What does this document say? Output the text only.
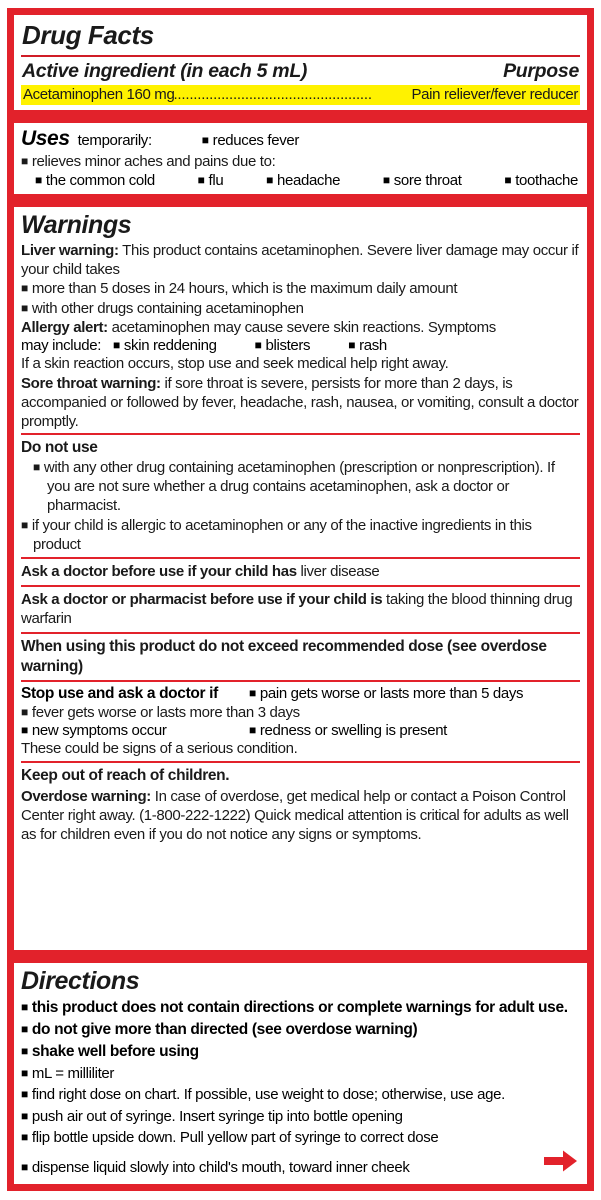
Drug Facts
Active ingredient (in each 5 mL)	Purpose
Acetaminophen 160 mg ..................................................	Pain reliever/fever reducer
Uses temporarily:	■ reduces fever
■ relieves minor aches and pains due to:
■ the common cold	■ flu	■ headache	■ sore throat	■ toothache
Warnings
Liver warning: This product contains acetaminophen. Severe liver damage may occur if your child takes
■ more than 5 doses in 24 hours, which is the maximum daily amount
■ with other drugs containing acetaminophen
Allergy alert: acetaminophen may cause severe skin reactions. Symptoms
may include:	■ skin reddening	■ blisters	■ rash
If a skin reaction occurs, stop use and seek medical help right away.
Sore throat warning: if sore throat is severe, persists for more than 2 days, is accompanied or followed by fever, headache, rash, nausea, or vomiting, consult a doctor promptly.
Do not use
■ with any other drug containing acetaminophen (prescription or nonprescription). If you are not sure whether a drug contains acetaminophen, ask a doctor or pharmacist.
■ if your child is allergic to acetaminophen or any of the inactive ingredients in this product
Ask a doctor before use if your child has liver disease
Ask a doctor or pharmacist before use if your child is taking the blood thinning drug warfarin
When using this product do not exceed recommended dose (see overdose warning)
Stop use and ask a doctor if	■ pain gets worse or lasts more than 5 days
■ fever gets worse or lasts more than 3 days
■ new symptoms occur	■ redness or swelling is present
These could be signs of a serious condition.
Keep out of reach of children.
Overdose warning: In case of overdose, get medical help or contact a Poison Control Center right away. (1-800-222-1222) Quick medical attention is critical for adults as well as for children even if you do not notice any signs or symptoms.
Directions
■ this product does not contain directions or complete warnings for adult use.
■ do not give more than directed (see overdose warning)
■ shake well before using
■ mL = milliliter
■ find right dose on chart. If possible, use weight to dose; otherwise, use age.
■ push air out of syringe. Insert syringe tip into bottle opening
■ flip bottle upside down. Pull yellow part of syringe to correct dose
■ dispense liquid slowly into child's mouth, toward inner cheek
